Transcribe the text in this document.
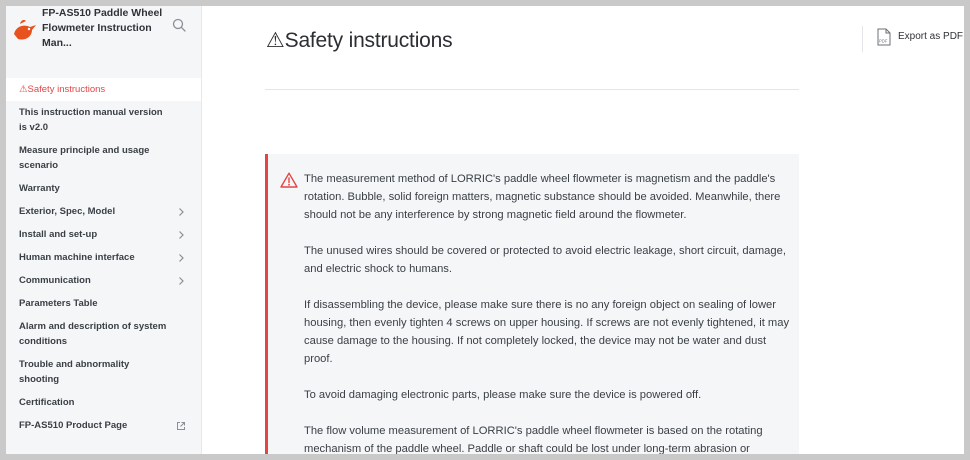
FP-AS510 Paddle Wheel Flowmeter Instruction Man...
⚠Safety instructions
This instruction manual version is v2.0
Measure principle and usage scenario
Warranty
Exterior, Spec, Model
Install and set-up
Human machine interface
Communication
Parameters Table
Alarm and description of system conditions
Trouble and abnormality shooting
Certification
FP-AS510 Product Page
⚠Safety instructions	PDF Export as PDF

The measurement method of LORRIC's paddle wheel flowmeter is magnetism and the paddle's rotation. Bubble, solid foreign matters, magnetic substance should be avoided. Meanwhile, there should not be any interference by strong magnetic field around the flowmeter.

The unused wires should be covered or protected to avoid electric leakage, short circuit, damage, and electric shock to humans.

If disassembling the device, please make sure there is no any foreign object on sealing of lower housing, then evenly tighten 4 screws on upper housing. If screws are not evenly tightened, it may cause damage to the housing. If not completely locked, the device may not be water and dust proof.

To avoid damaging electronic parts, please make sure the device is powered off.

The flow volume measurement of LORRIC's paddle wheel flowmeter is based on the rotating mechanism of the paddle wheel. Paddle or shaft could be lost under long-term abrasion or
